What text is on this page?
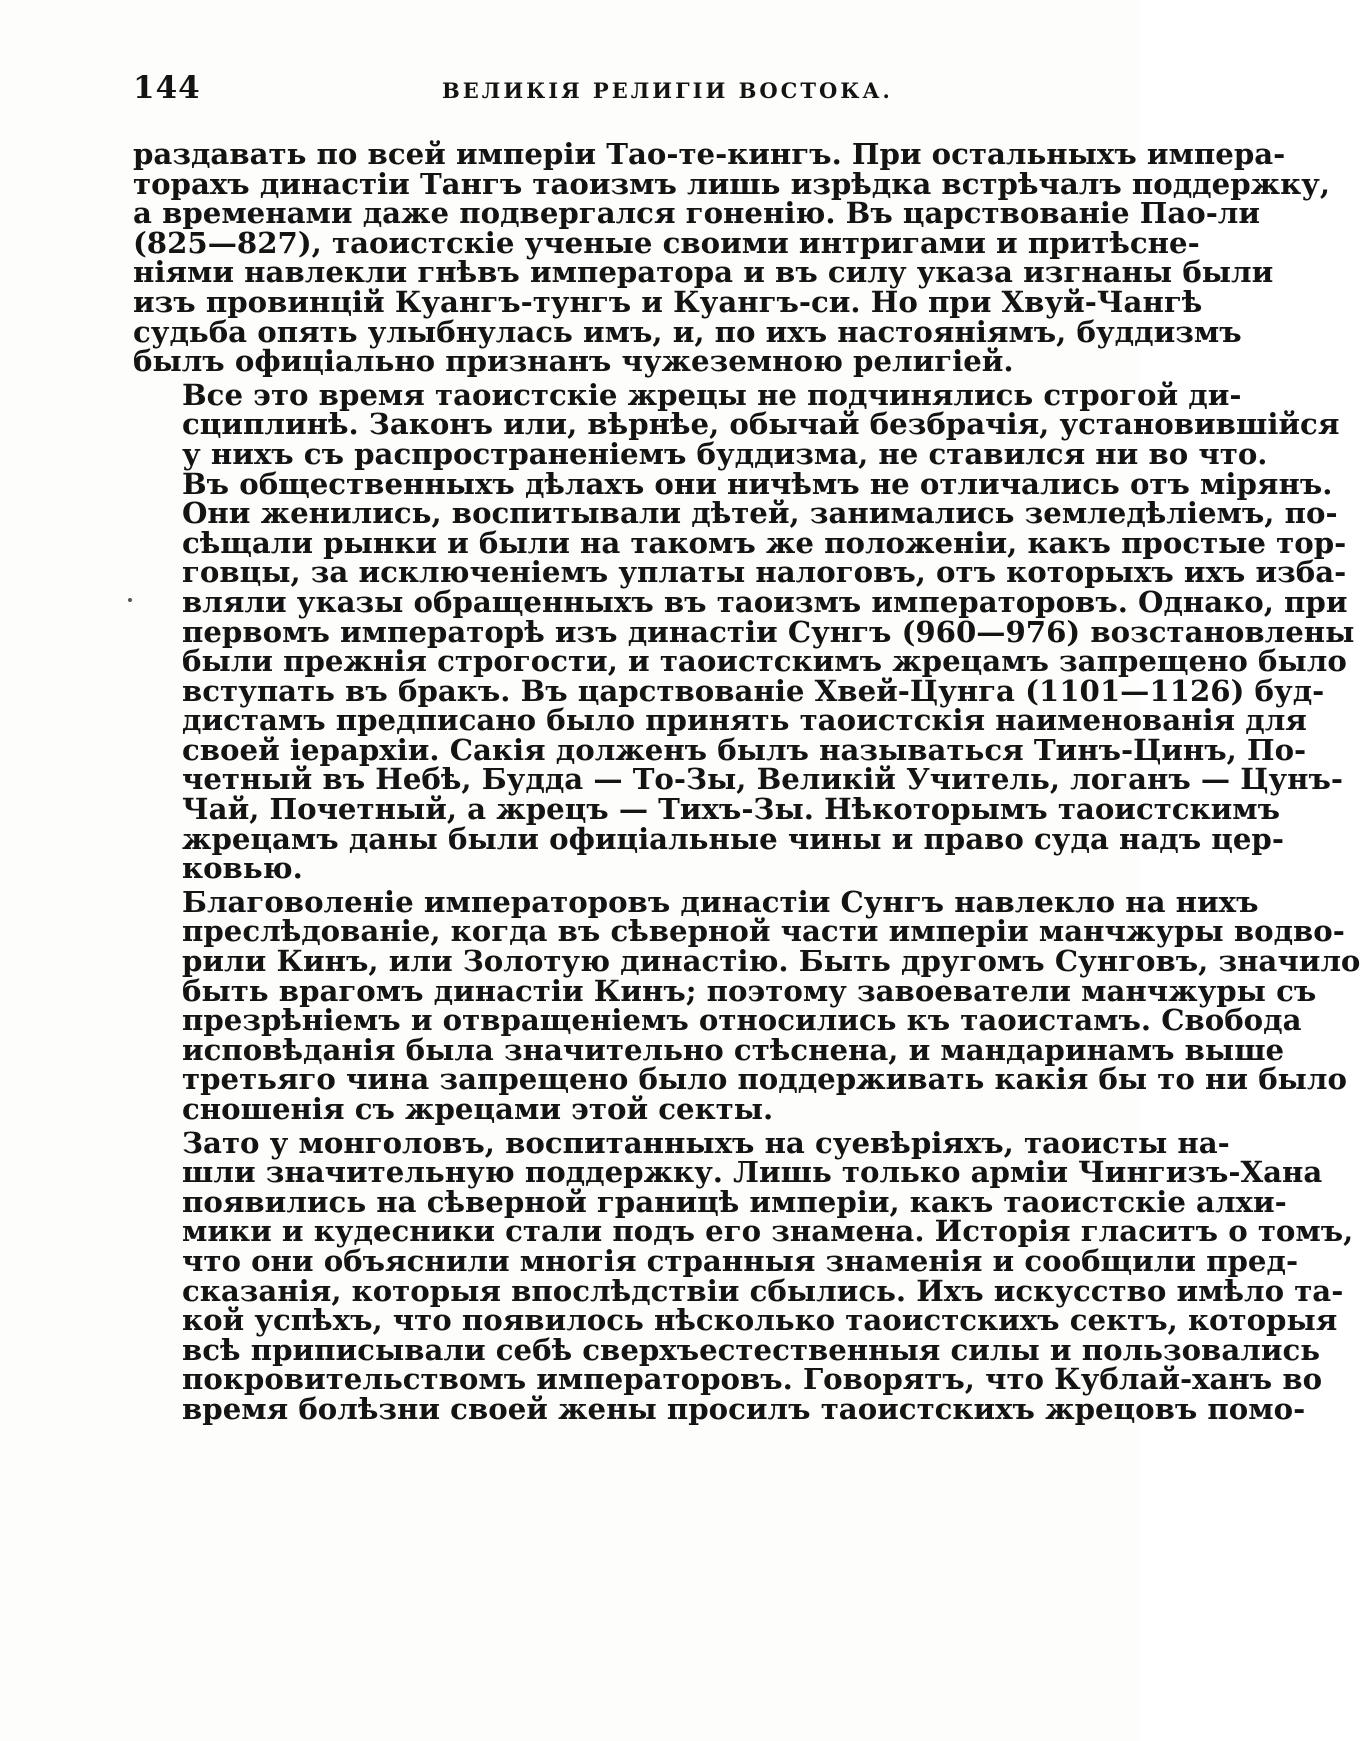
144	ВЕЛИКІЯ РЕЛИГІИ ВОСТОКА.

раздавать по всей имперіи Тао-те-кингъ. При остальныхъ импера-
торахъ династіи Тангъ таоизмъ лишь изрѣдка встрѣчалъ поддержку,
а временами даже подвергался гоненію. Въ царствованіе Пао-ли
(825—827), таоистскіе ученые своими интригами и притѣсне-
ніями навлекли гнѣвъ императора и въ силу указа изгнаны были
изъ провинцій Куангъ-тунгъ и Куангъ-си. Но при Хвуй-Чангѣ
судьба опять улыбнулась имъ, и, по ихъ настояніямъ, буддизмъ
былъ офиціально признанъ чужеземною религіей.

Все это время таоистскіе жрецы не подчинялись строгой ди-
сциплинѣ. Законъ или, вѣрнѣе, обычай безбрачія, установившійся
у нихъ съ распространеніемъ буддизма, не ставился ни во что.
Въ общественныхъ дѣлахъ они ничѣмъ не отличались отъ мірянъ.
Они женились, воспитывали дѣтей, занимались земледѣліемъ, по-
сѣщали рынки и были на такомъ же положеніи, какъ простые тор-
говцы, за исключеніемъ уплаты налоговъ, отъ которыхъ ихъ изба-
вляли указы обращенныхъ въ таоизмъ императоровъ. Однако, при
первомъ императорѣ изъ династіи Сунгъ (960—976) возстановлены
были прежнія строгости, и таоистскимъ жрецамъ запрещено было
вступать въ бракъ. Въ царствованіе Хвей-Цунга (1101—1126) буд-
дистамъ предписано было принять таоистскія наименованія для
своей іерархіи. Сакія долженъ былъ называться Тинъ-Цинъ, По-
четный въ Небѣ, Будда — То-Зы, Великій Учитель, логанъ — Цунъ-
Чай, Почетный, а жрецъ — Тихъ-Зы. Нѣкоторымъ таоистскимъ
жрецамъ даны были офиціальные чины и право суда надъ цер-
ковью.

Благоволеніе императоровъ династіи Сунгъ навлекло на нихъ
преслѣдованіе, когда въ сѣверной части имперіи манчжуры водво-
рили Кинъ, или Золотую династію. Быть другомъ Сунговъ, значило
быть врагомъ династіи Кинъ; поэтому завоеватели манчжуры съ
презрѣніемъ и отвращеніемъ относились къ таоистамъ. Свобода
исповѣданія была значительно стѣснена, и мандаринамъ выше
третьяго чина запрещено было поддерживать какія бы то ни было
сношенія съ жрецами этой секты.

Зато у монголовъ, воспитанныхъ на суевѣріяхъ, таоисты на-
шли значительную поддержку. Лишь только арміи Чингизъ-Хана
появились на сѣверной границѣ имперіи, какъ таоистскіе алхи-
мики и кудесники стали подъ его знамена. Исторія гласитъ о томъ,
что они объяснили многія странныя знаменія и сообщили пред-
сказанія, которыя впослѣдствіи сбылись. Ихъ искусство имѣло та-
кой успѣхъ, что появилось нѣсколько таоистскихъ сектъ, которыя
всѣ приписывали себѣ сверхъестественныя силы и пользовались
покровительствомъ императоровъ. Говорятъ, что Кублай-ханъ во
время болѣзни своей жены просилъ таоистскихъ жрецовъ помо-
